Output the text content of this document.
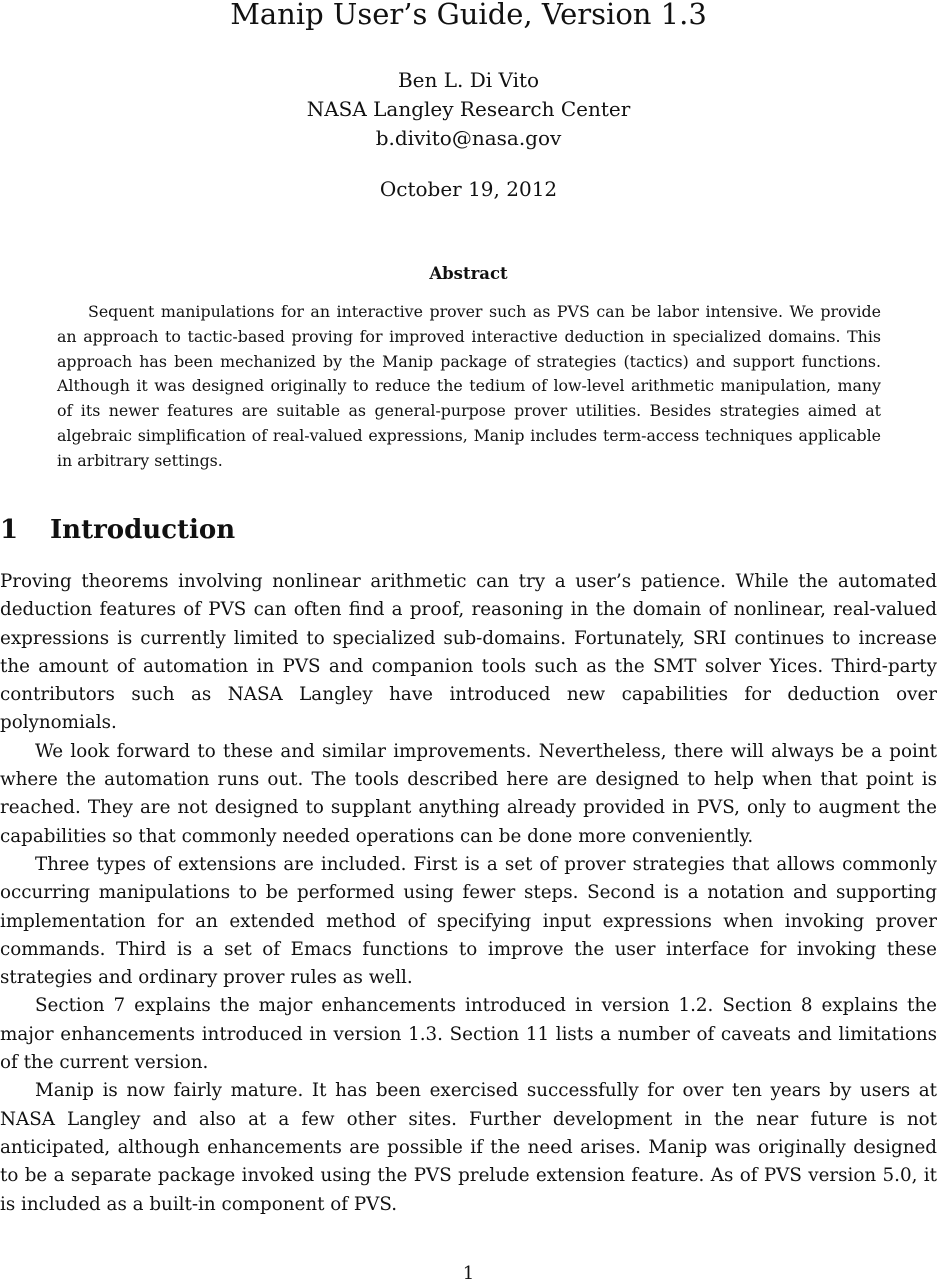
Manip User’s Guide, Version 1.3
Ben L. Di Vito
NASA Langley Research Center
b.divito@nasa.gov
October 19, 2012
Abstract

Sequent manipulations for an interactive prover such as PVS can be labor intensive. We provide an approach to tactic-based proving for improved interactive deduction in specialized domains. This approach has been mechanized by the Manip package of strategies (tactics) and support functions. Although it was designed originally to reduce the tedium of low-level arithmetic manipulation, many of its newer features are suitable as general-purpose prover utilities. Besides strategies aimed at algebraic simplification of real-valued expressions, Manip includes term-access techniques applicable in arbitrary settings.

1 Introduction

Proving theorems involving nonlinear arithmetic can try a user’s patience. While the automated deduction features of PVS can often find a proof, reasoning in the domain of nonlinear, real-valued expressions is currently limited to specialized sub-domains. Fortunately, SRI continues to increase the amount of automation in PVS and companion tools such as the SMT solver Yices. Third-party contributors such as NASA Langley have introduced new capabilities for deduction over polynomials.

We look forward to these and similar improvements. Nevertheless, there will always be a point where the automation runs out. The tools described here are designed to help when that point is reached. They are not designed to supplant anything already provided in PVS, only to augment the capabilities so that commonly needed operations can be done more conveniently.

Three types of extensions are included. First is a set of prover strategies that allows commonly occurring manipulations to be performed using fewer steps. Second is a notation and supporting implementation for an extended method of specifying input expressions when invoking prover commands. Third is a set of Emacs functions to improve the user interface for invoking these strategies and ordinary prover rules as well.

Section 7 explains the major enhancements introduced in version 1.2. Section 8 explains the major enhancements introduced in version 1.3. Section 11 lists a number of caveats and limitations of the current version.

Manip is now fairly mature. It has been exercised successfully for over ten years by users at NASA Langley and also at a few other sites. Further development in the near future is not anticipated, although enhancements are possible if the need arises. Manip was originally designed to be a separate package invoked using the PVS prelude extension feature. As of PVS version 5.0, it is included as a built-in component of PVS.

1
